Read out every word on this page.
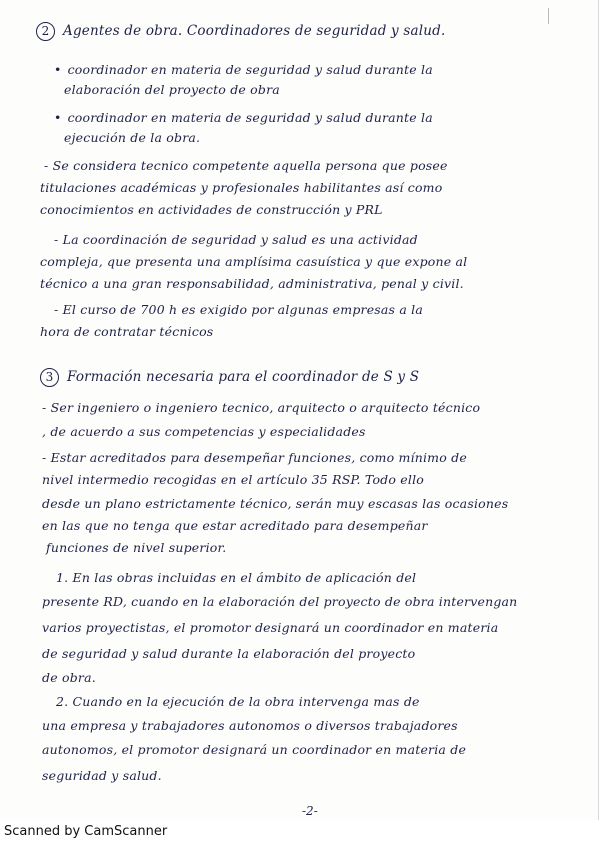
2 Agentes de obra. Coordinadores de seguridad y salud.
• coordinador en materia de seguridad y salud durante la
elaboración del proyecto de obra
• coordinador en materia de seguridad y salud durante la
ejecución de la obra.
- Se considera tecnico competente aquella persona que posee
titulaciones académicas y profesionales habilitantes así como
conocimientos en actividades de construcción y PRL
- La coordinación de seguridad y salud es una actividad
compleja, que presenta una amplísima casuística y que expone al
técnico a una gran responsabilidad, administrativa, penal y civil.
- El curso de 700 h es exigido por algunas empresas a la
hora de contratar técnicos
3 Formación necesaria para el coordinador de S y S
- Ser ingeniero o ingeniero tecnico, arquitecto o arquitecto técnico
, de acuerdo a sus competencias y especialidades
- Estar acreditados para desempeñar funciones, como mínimo de
nivel intermedio recogidas en el artículo 35 RSP. Todo ello
desde un plano estrictamente técnico, serán muy escasas las ocasiones
en las que no tenga que estar acreditado para desempeñar
funciones de nivel superior.
1. En las obras incluidas en el ámbito de aplicación del
presente RD, cuando en la elaboración del proyecto de obra intervengan
varios proyectistas, el promotor designará un coordinador en materia
de seguridad y salud durante la elaboración del proyecto
de obra.
2. Cuando en la ejecución de la obra intervenga mas de
una empresa y trabajadores autonomos o diversos trabajadores
autonomos, el promotor designará un coordinador en materia de
seguridad y salud.
-2-
Scanned by CamScanner
